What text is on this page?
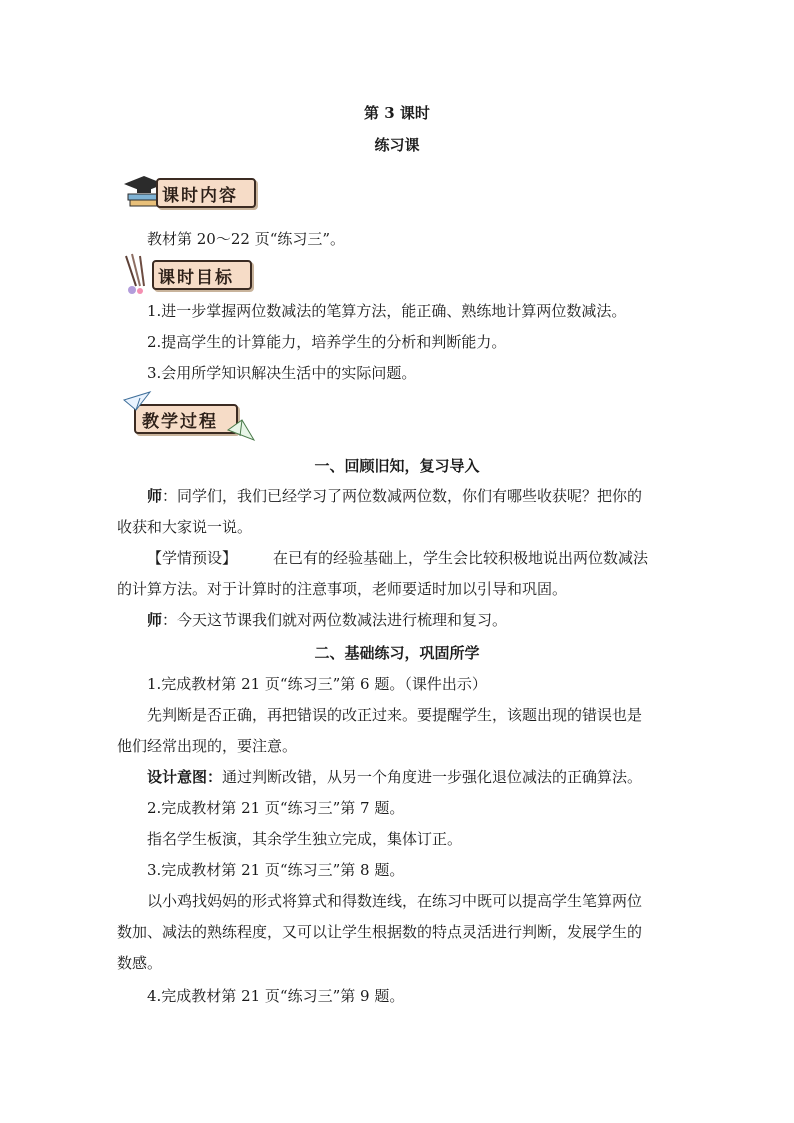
第 3 课时
练习课
课时内容
教材第 20～22 页“练习三”。
课时目标
1.进一步掌握两位数减法的笔算方法，能正确、熟练地计算两位数减法。
2.提高学生的计算能力，培养学生的分析和判断能力。
3.会用所学知识解决生活中的实际问题。
教学过程
一、回顾旧知，复习导入
师：同学们，我们已经学习了两位数减两位数，你们有哪些收获呢？把你的
收获和大家说一说。
【学情预设】 在已有的经验基础上，学生会比较积极地说出两位数减法
的计算方法。对于计算时的注意事项，老师要适时加以引导和巩固。
师：今天这节课我们就对两位数减法进行梳理和复习。
二、基础练习，巩固所学
1.完成教材第 21 页“练习三”第 6 题。（课件出示）
先判断是否正确，再把错误的改正过来。要提醒学生，该题出现的错误也是
他们经常出现的，要注意。
设计意图：通过判断改错，从另一个角度进一步强化退位减法的正确算法。
2.完成教材第 21 页“练习三”第 7 题。
指名学生板演，其余学生独立完成，集体订正。
3.完成教材第 21 页“练习三”第 8 题。
以小鸡找妈妈的形式将算式和得数连线，在练习中既可以提高学生笔算两位
数加、减法的熟练程度，又可以让学生根据数的特点灵活进行判断，发展学生的
数感。
4.完成教材第 21 页“练习三”第 9 题。
